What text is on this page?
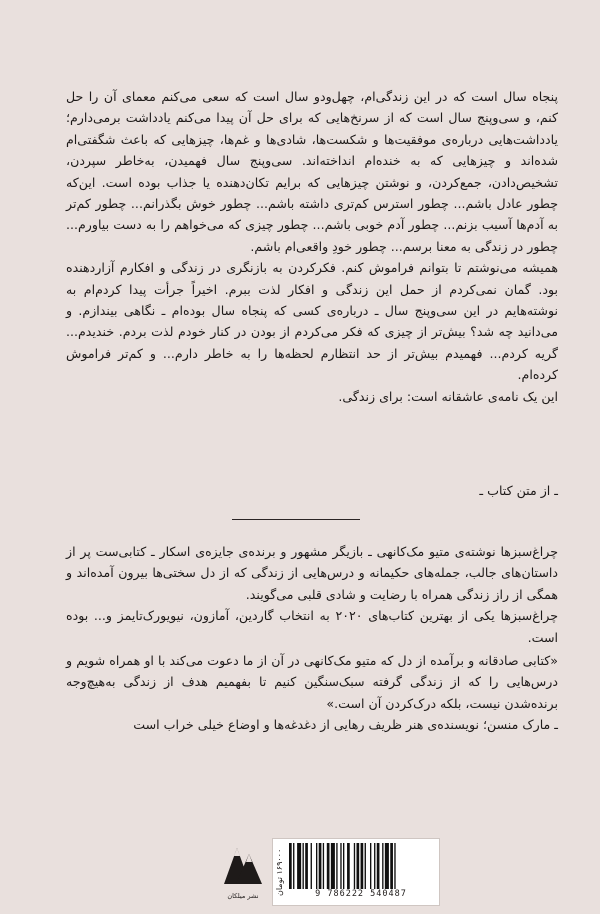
پنجاه سال است که در این زندگی‌ام، چهل‌ودو سال است که سعی می‌کنم معمای آن را حل کنم، و سی‌وپنج سال است که از سرنخ‌هایی که برای حل آن پیدا می‌کنم یادداشت برمی‌دارم؛ یادداشت‌هایی درباره‌ی موفقیت‌ها و شکست‌ها، شادی‌ها و غم‌ها، چیزهایی که باعث شگفتی‌ام شده‌اند و چیزهایی که به خنده‌ام انداخته‌اند. سی‌وپنج سال فهمیدن، به‌خاطر سپردن، تشخیص‌دادن، جمع‌کردن، و نوشتن چیزهایی که برایم تکان‌دهنده یا جذاب بوده است. این‌که چطور عادل باشم... چطور استرس کم‌تری داشته باشم... چطور خوش بگذرانم... چطور کم‌تر به آدم‌ها آسیب بزنم... چطور آدم خوبی باشم... چطور چیزی که می‌خواهم را به دست بیاورم... چطور در زندگی به معنا برسم... چطور خودِ واقعی‌ام باشم.

همیشه می‌نوشتم تا بتوانم فراموش کنم. فکرکردن به بازنگری در زندگی و افکارم آزاردهنده بود. گمان نمی‌کردم از حمل این زندگی و افکار لذت ببرم. اخیراً جرأت پیدا کردم‌ام به نوشته‌هایم در این سی‌وپنج سال ـ درباره‌ی کسی که پنجاه سال بوده‌ام ـ نگاهی بیندازم. و می‌دانید چه شد؟ بیش‌تر از چیزی که فکر می‌کردم از بودن در کنار خودم لذت بردم. خندیدم... گریه کردم... فهمیدم بیش‌تر از حد انتظارم لحظه‌ها را به خاطر دارم... و کم‌تر فراموش کرده‌ام.

این یک نامه‌ی عاشقانه است: برای زندگی.

ـ از متن کتاب ـ

چراغ‌سبزها نوشته‌ی متیو مک‌کانهی ـ بازیگر مشهور و برنده‌ی جایزه‌ی اسکار ـ کتابی‌ست پر از داستان‌های جالب، جمله‌های حکیمانه و درس‌هایی از زندگی که از دل سختی‌ها بیرون آمده‌اند و همگی از راز زندگی همراه با رضایت و شادی قلبی می‌گویند.

چراغ‌سبزها یکی از بهترین کتاب‌های ۲۰۲۰ به انتخاب گاردین، آمازون، نیویورک‌تایمز و... بوده است.

«کتابی صادقانه و برآمده از دل که متیو مک‌کانهی در آن از ما دعوت می‌کند با او همراه شویم و درس‌هایی را که از زندگی گرفته سبک‌سنگین کنیم تا بفهمیم هدف از زندگی به‌هیچ‌وجه برنده‌شدن نیست، بلکه درک‌کردن آن است.»

ـ مارک منسن؛ نویسنده‌ی هنر ظریف رهایی از دغدغه‌ها و اوضاع خیلی خراب است

نشر میلکان
۱۶۹۰۰۰ تومان
9 786222 540487
